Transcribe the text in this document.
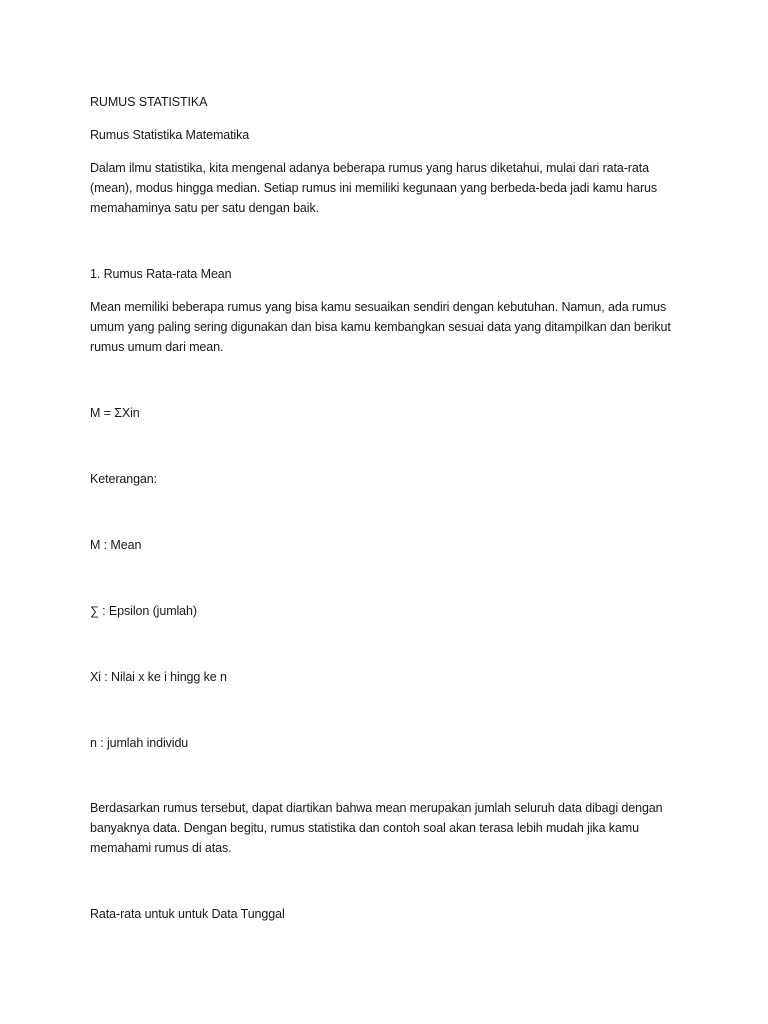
RUMUS STATISTIKA
Rumus Statistika Matematika
Dalam ilmu statistika, kita mengenal adanya beberapa rumus yang harus diketahui, mulai dari rata-rata (mean), modus hingga median. Setiap rumus ini memiliki kegunaan yang berbeda-beda jadi kamu harus memahaminya satu per satu dengan baik.
1. Rumus Rata-rata Mean
Mean memiliki beberapa rumus yang bisa kamu sesuaikan sendiri dengan kebutuhan. Namun, ada rumus umum yang paling sering digunakan dan bisa kamu kembangkan sesuai data yang ditampilkan dan berikut rumus umum dari mean.
M = ΣXin
Keterangan:
M : Mean
∑ : Epsilon (jumlah)
Xi : Nilai x ke i hingg ke n
n : jumlah individu
Berdasarkan rumus tersebut, dapat diartikan bahwa mean merupakan jumlah seluruh data dibagi dengan banyaknya data. Dengan begitu, rumus statistika dan contoh soal akan terasa lebih mudah jika kamu memahami rumus di atas.
Rata-rata untuk untuk Data Tunggal
